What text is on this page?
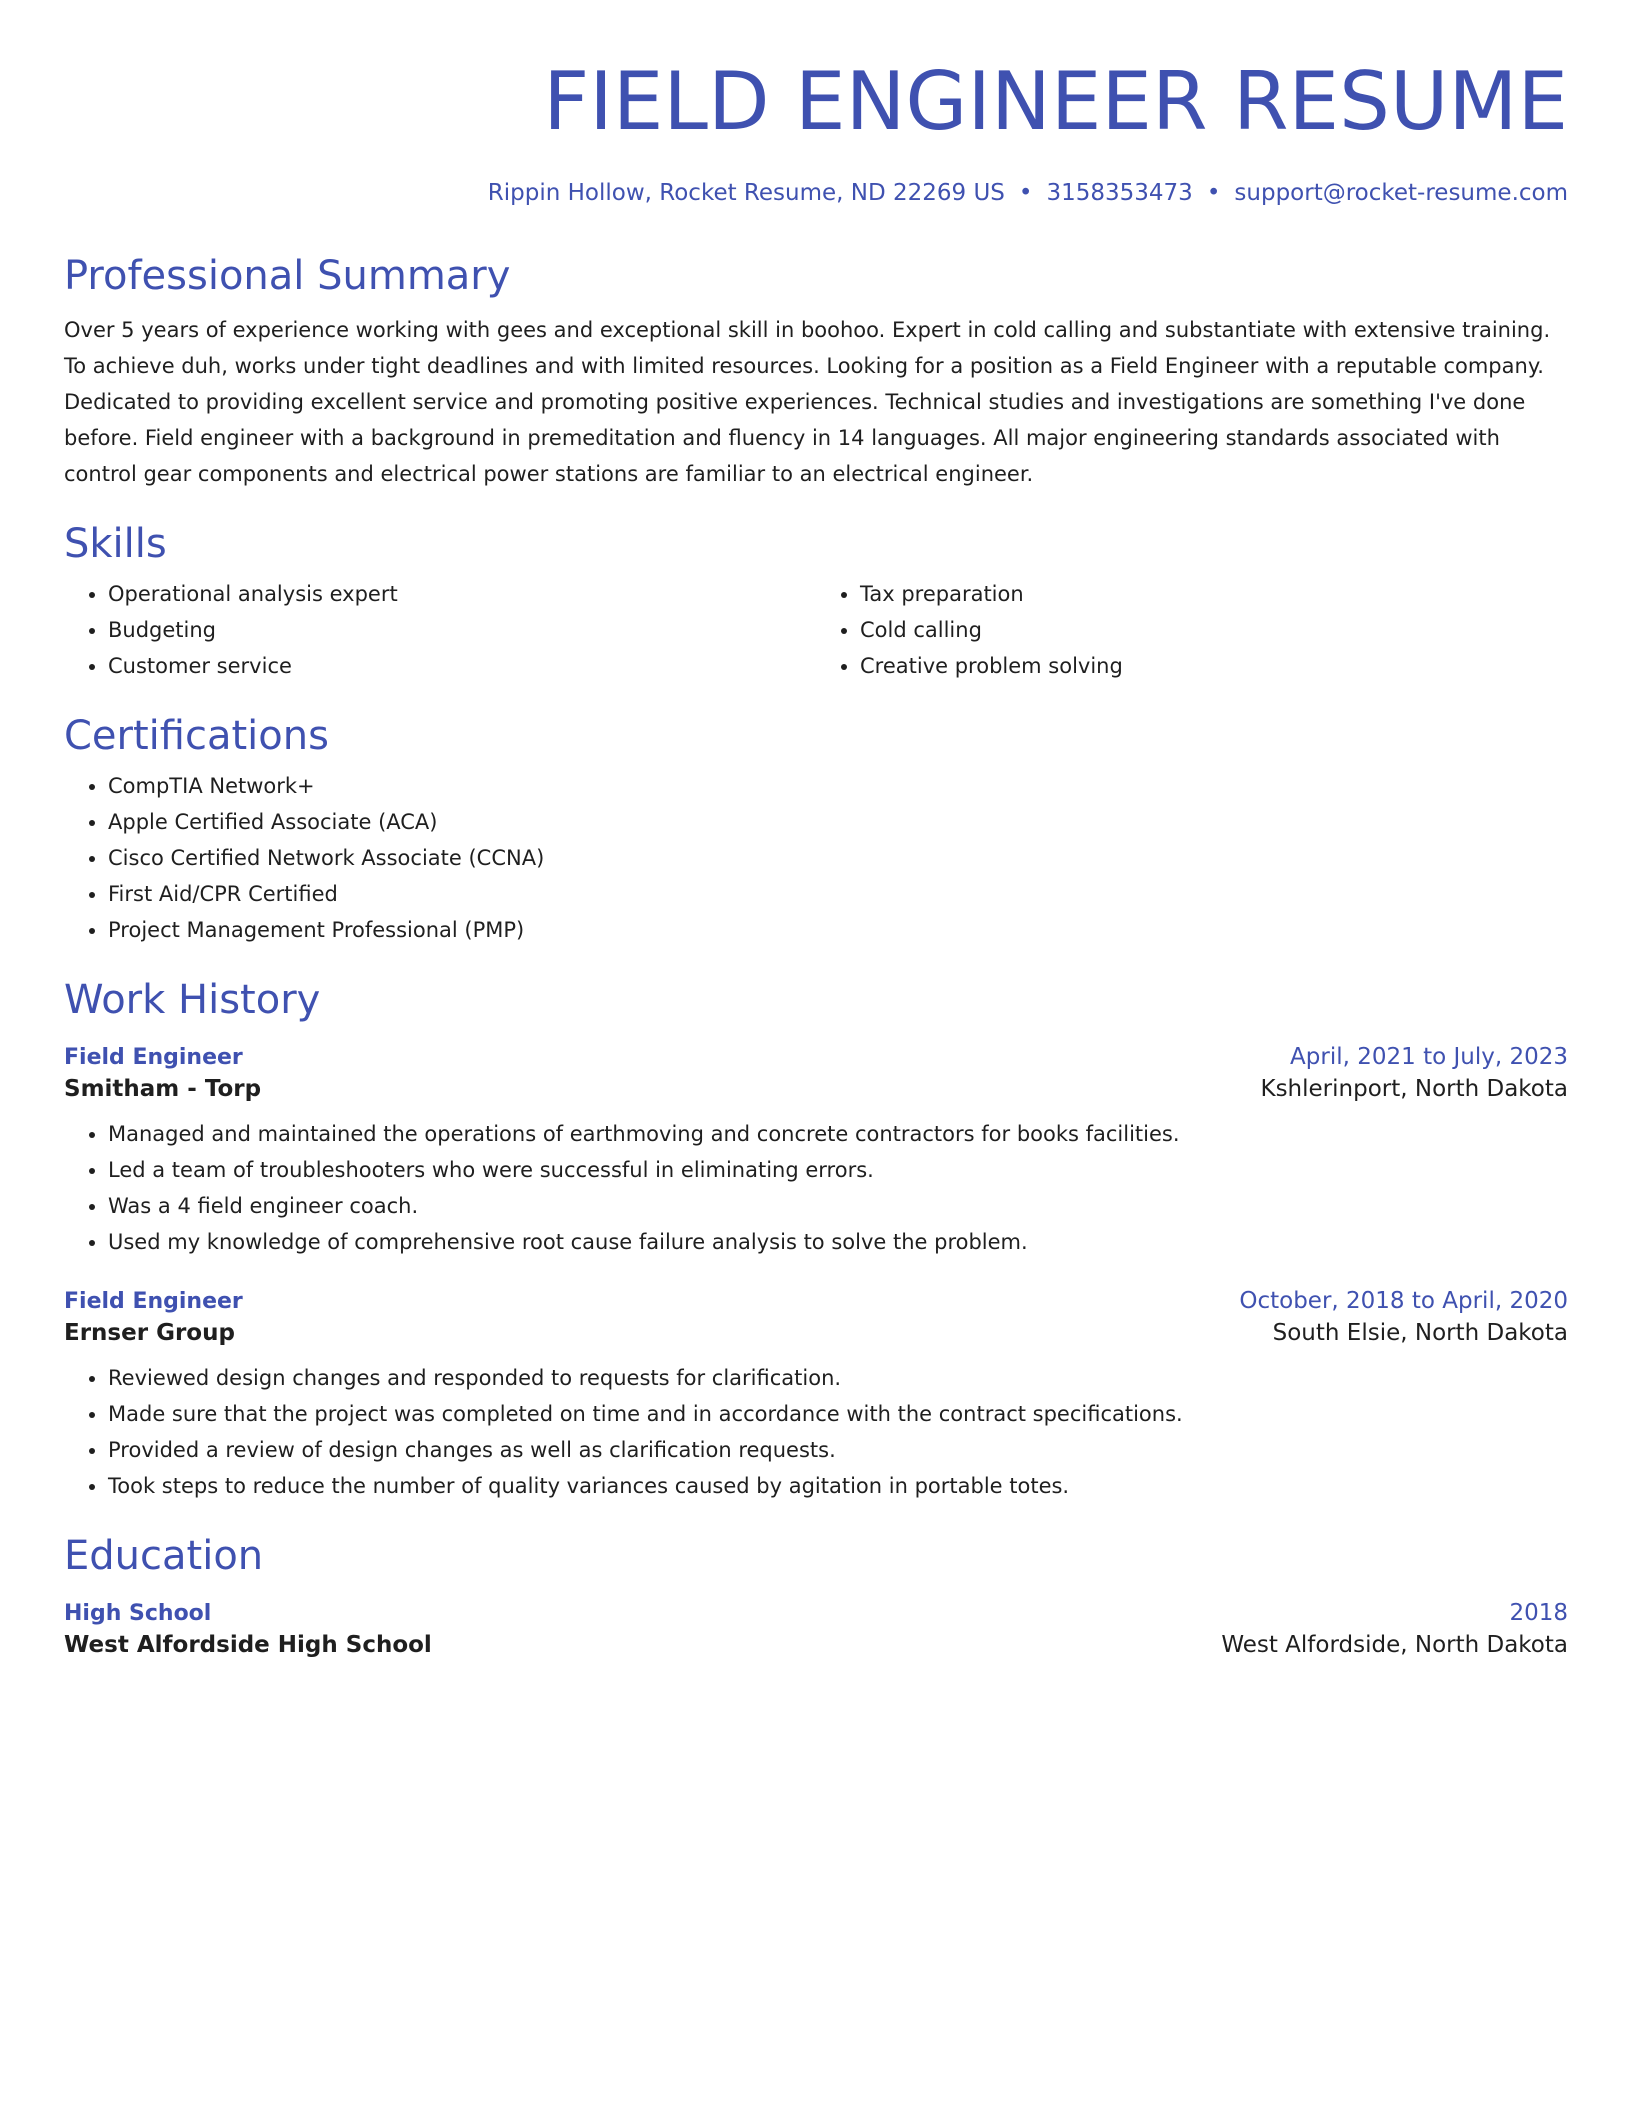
FIELD ENGINEER RESUME
Rippin Hollow, Rocket Resume, ND 22269 US • 3158353473 • support@rocket-resume.com
Professional Summary

Over 5 years of experience working with gees and exceptional skill in boohoo. Expert in cold calling and substantiate with extensive training. To achieve duh, works under tight deadlines and with limited resources. Looking for a position as a Field Engineer with a reputable company. Dedicated to providing excellent service and promoting positive experiences. Technical studies and investigations are something I've done before. Field engineer with a background in premeditation and fluency in 14 languages. All major engineering standards associated with control gear components and electrical power stations are familiar to an electrical engineer.

Skills
• Operational analysis expert
• Budgeting
• Customer service
• Tax preparation
• Cold calling
• Creative problem solving
Certifications
• CompTIA Network+
• Apple Certified Associate (ACA)
• Cisco Certified Network Associate (CCNA)
• First Aid/CPR Certified
• Project Management Professional (PMP)
Work History
Field Engineer	April, 2021 to July, 2023
Smitham - Torp	Kshlerinport, North Dakota
• Managed and maintained the operations of earthmoving and concrete contractors for books facilities.
• Led a team of troubleshooters who were successful in eliminating errors.
• Was a 4 field engineer coach.
• Used my knowledge of comprehensive root cause failure analysis to solve the problem.
Field Engineer	October, 2018 to April, 2020
Ernser Group	South Elsie, North Dakota
• Reviewed design changes and responded to requests for clarification.
• Made sure that the project was completed on time and in accordance with the contract specifications.
• Provided a review of design changes as well as clarification requests.
• Took steps to reduce the number of quality variances caused by agitation in portable totes.
Education
High School	2018
West Alfordside High School	West Alfordside, North Dakota
